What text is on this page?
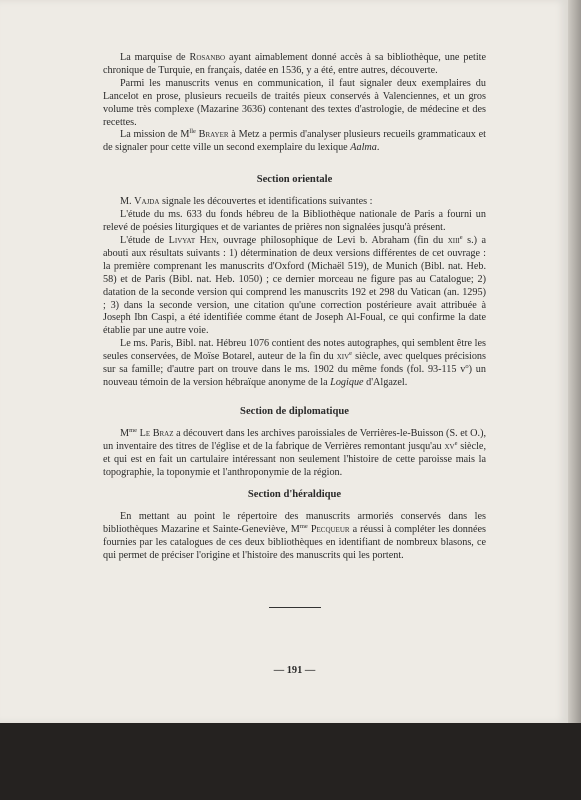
La marquise de Rosanbo ayant aimablement donné accès à sa bibliothèque, une petite chronique de Turquie, en français, datée en 1536, y a été, entre autres, découverte.

Parmi les manuscrits venus en communication, il faut signaler deux exemplaires du Lancelot en prose, plusieurs recueils de traités pieux conservés à Valenciennes, et un gros volume très complexe (Mazarine 3636) contenant des textes d'astrologie, de médecine et des recettes.

La mission de $M^{lle}$ Brayer à Metz a permis d'analyser plusieurs recueils grammaticaux et de signaler pour cette ville un second exemplaire du lexique Aalma.

Section orientale

M. Vajda signale les découvertes et identifications suivantes :

L'étude du ms. 633 du fonds hébreu de la Bibliothèque nationale de Paris a fourni un relevé de poésies liturgiques et de variantes de prières non signalées jusqu'à présent.

L'étude de Livyat Hen, ouvrage philosophique de Levi b. Abraham (fin du xiii$^e$ s.) a abouti aux résultats suivants : 1) détermination de deux versions différentes de cet ouvrage : la première comprenant les manuscrits d'Oxford (Michaël 519), de Munich (Bibl. nat. Heb. 58) et de Paris (Bibl. nat. Heb. 1050) ; ce dernier morceau ne figure pas au Catalogue; 2) datation de la seconde version qui comprend les manuscrits 192 et 298 du Vatican (an. 1295) ; 3) dans la seconde version, une citation qu'une correction postérieure avait attribuée à Joseph Ibn Caspi, a été identifiée comme étant de Joseph Al-Foual, ce qui confirme la date établie par une autre voie.

Le ms. Paris, Bibl. nat. Hébreu 1076 contient des notes autographes, qui semblent être les seules conservées, de Moïse Botarel, auteur de la fin du xiv$^e$ siècle, avec quelques précisions sur sa famille; d'autre part on trouve dans le ms. 1902 du même fonds (fol. 93-115 $v^o$) un nouveau témoin de la version hébraïque anonyme de la Logique d'Algazel.

Section de diplomatique

$M^{me}$ Le Braz a découvert dans les archives paroissiales de Verrières-le-Buisson (S. et O.), un inventaire des titres de l'église et de la fabrique de Verrières remontant jusqu'au $xv^e$ siècle, et qui est en fait un cartulaire intéressant non seulement l'histoire de cette paroisse mais la topographie, la toponymie et l'anthroponymie de la région.

Section d'héraldique

En mettant au point le répertoire des manuscrits armoriés conservés dans les bibliothèques Mazarine et Sainte-Geneviève, $M^{me}$ Pecqueur a réussi à compléter les données fournies par les catalogues de ces deux bibliothèques en identifiant de nombreux blasons, ce qui permet de préciser l'origine et l'histoire des manuscrits qui les portent.

— 191 —
